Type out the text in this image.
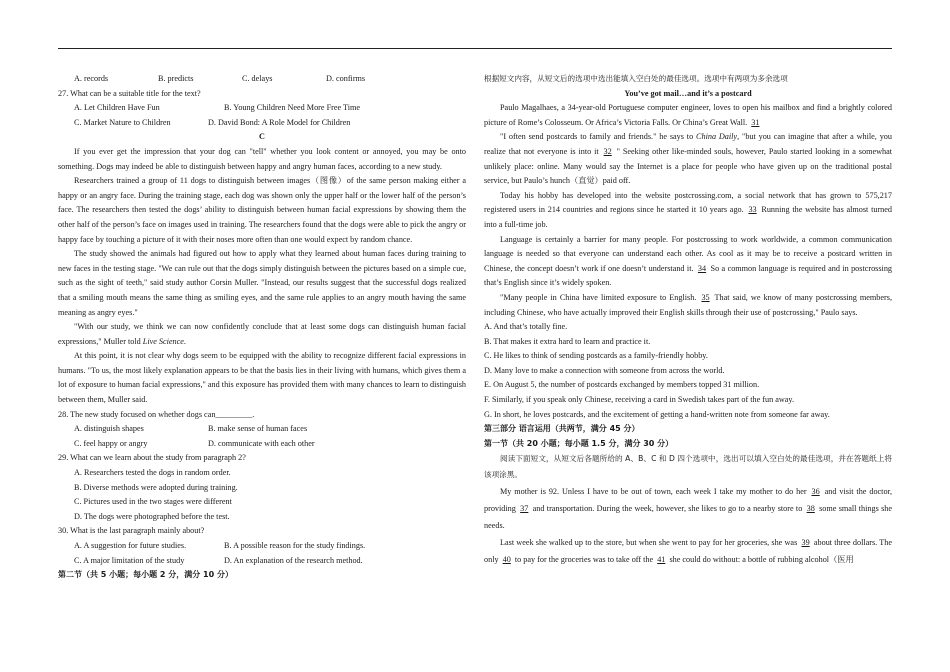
A. records	B. predicts	C. delays	D. confirms
27. What can be a suitable title for the text?
A. Let Children Have Fun	B. Young Children Need More Free Time
C. Market Nature to Children	D. David Bond: A Role Model for Children
C

If you ever get the impression that your dog can "tell" whether you look content or annoyed, you may be onto something. Dogs may indeed be able to distinguish between happy and angry human faces, according to a new study.

Researchers trained a group of 11 dogs to distinguish between images（图像）of the same person making either a happy or an angry face. During the training stage, each dog was shown only the upper half or the lower half of the person’s face. The researchers then tested the dogs’ ability to distinguish between human facial expressions by showing them the other half of the person’s face on images used in training. The researchers found that the dogs were able to pick the angry or happy face by touching a picture of it with their noses more often than one would expect by random chance.

The study showed the animals had figured out how to apply what they learned about human faces during training to new faces in the testing stage. "We can rule out that the dogs simply distinguish between the pictures based on a simple cue, such as the sight of teeth," said study author Corsin Muller. "Instead, our results suggest that the successful dogs realized that a smiling mouth means the same thing as smiling eyes, and the same rule applies to an angry mouth having the same meaning as angry eyes."

"With our study, we think we can now confidently conclude that at least some dogs can distinguish human facial expressions," Muller told Live Science.

At this point, it is not clear why dogs seem to be equipped with the ability to recognize different facial expressions in humans. "To us, the most likely explanation appears to be that the basis lies in their living with humans, which gives them a lot of exposure to human facial expressions," and this exposure has provided them with many chances to learn to distinguish between them, Muller said.

28. The new study focused on whether dogs can_________.
A. distinguish shapes	B. make sense of human faces
C. feel happy or angry	D. communicate with each other
29. What can we learn about the study from paragraph 2?
A. Researchers tested the dogs in random order.
B. Diverse methods were adopted during training.
C. Pictures used in the two stages were different
D. The dogs were photographed before the test.
30. What is the last paragraph mainly about?
A. A suggestion for future studies.	B. A possible reason for the study findings.
C. A major limitation of the study	D. An explanation of the research method.
第二节（共 5 小题；每小题 2 分，满分 10 分）
根据短文内容，从短文后的选项中选出能填入空白处的最佳选项。选项中有两项为多余选项
You’ve got mail…and it’s a postcard

Paulo Magalhaes, a 34-year-old Portuguese computer engineer, loves to open his mailbox and find a brightly colored picture of Rome’s Colosseum. Or Africa’s Victoria Falls. Or China’s Great Wall. 31

"I often send postcards to family and friends." he says to China Daily, "but you can imagine that after a while, you realize that not everyone is into it 32 " Seeking other like-minded souls, however, Paulo started looking in a somewhat unlikely place: online. Many would say the Internet is a place for people who have given up on the traditional postal service, but Paulo’s hunch（直觉）paid off.

Today his hobby has developed into the website postcrossing.com, a social network that has grown to 575,217 registered users in 214 countries and regions since he started it 10 years ago. 33 Running the website has almost turned into a full-time job.

Language is certainly a barrier for many people. For postcrossing to work worldwide, a common communication language is needed so that everyone can understand each other. As cool as it may be to receive a postcard written in Chinese, the concept doesn’t work if one doesn’t understand it. 34 So a common language is required and in postcrossing that’s English since it’s widely spoken.

"Many people in China have limited exposure to English. 35 That said, we know of many postcrossing members, including Chinese, who have actually improved their English skills through their use of postcrossing," Paulo says.

A. And that’s totally fine.
B. That makes it extra hard to learn and practice it.
C. He likes to think of sending postcards as a family-friendly hobby.
D. Many love to make a connection with someone from across the world.
E. On August 5, the number of postcards exchanged by members topped 31 million.
F. Similarly, if you speak only Chinese, receiving a card in Swedish takes part of the fun away.
G. In short, he loves postcards, and the excitement of getting a hand-written note from someone far away.
第三部分 语言运用（共两节，满分 45 分）
第一节（共 20 小题；每小题 1.5 分，满分 30 分）

阅读下面短文，从短文后各题所给的 A、B、C 和 D 四个选项中，选出可以填入空白处的最佳选项，并在答题纸上将该项涂黑。

My mother is 92. Unless I have to be out of town, each week I take my mother to do her 36 and visit the doctor, providing 37 and transportation. During the week, however, she likes to go to a nearby store to 38 some small things she needs.

Last week she walked up to the store, but when she went to pay for her groceries, she was 39 about three dollars. The only 40 to pay for the groceries was to take off the 41 she could do without: a bottle of rubbing alcohol（医用
